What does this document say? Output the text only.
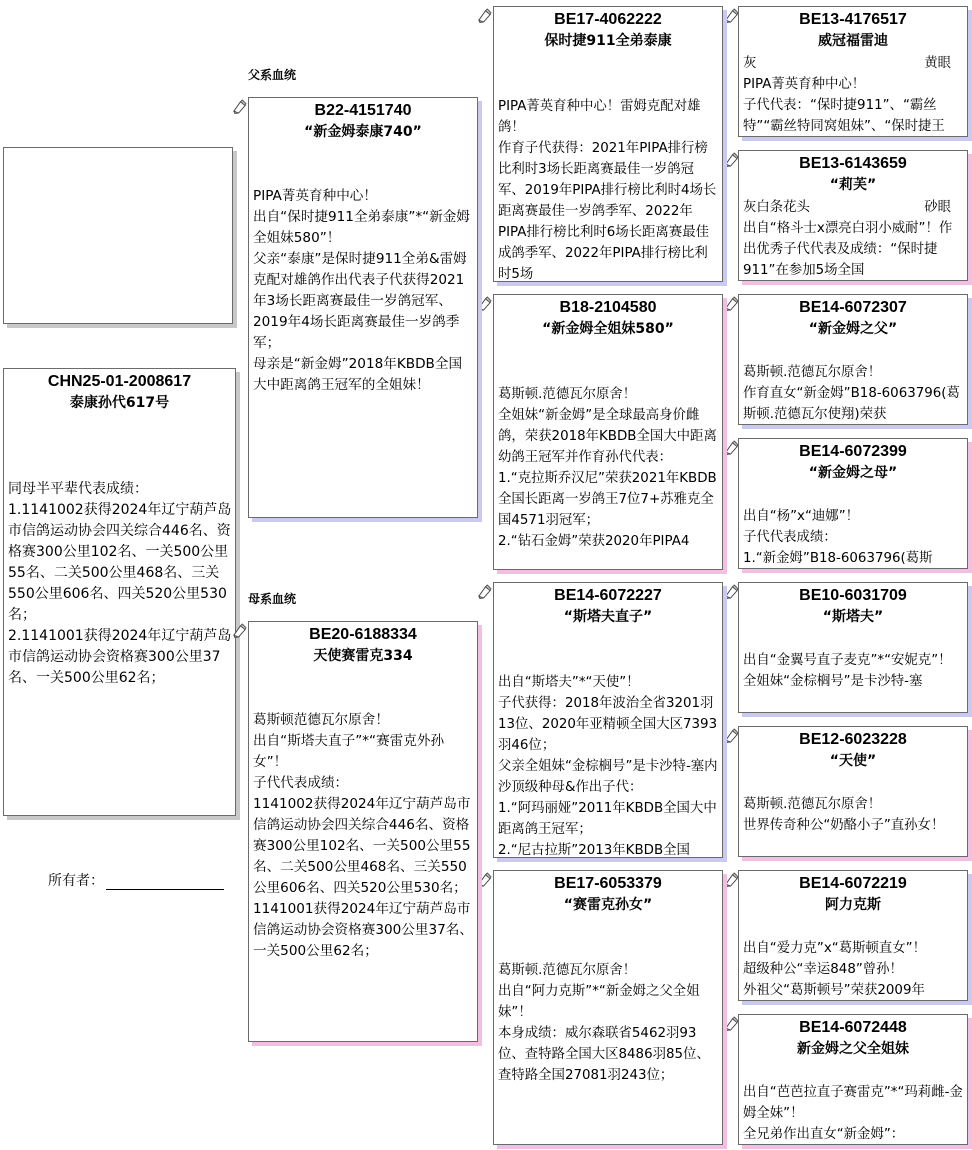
CHN25-01-2008617
泰康孙代617号
同母半平辈代表成绩：
1.1141002获得2024年辽宁葫芦岛市信鸽运动协会四关综合446名、资格赛300公里102名、一关500公里55名、二关500公里468名、三关550公里606名、四关520公里530名；
2.1141001获得2024年辽宁葫芦岛市信鸽运动协会资格赛300公里37名、一关500公里62名；
所有者：
父系血统
母系血统
B22-4151740
“新金姆泰康740”
PIPA菁英育种中心！
出自“保时捷911全弟泰康”*“新金姆全姐妹580”！
父亲“泰康”是保时捷911全弟&雷姆克配对雄鸽作出代表子代获得2021年3场长距离赛最佳一岁鸽冠军、2019年4场长距离赛最佳一岁鸽季军；
母亲是“新金姆”2018年KBDB全国大中距离鸽王冠军的全姐妹！
BE20-6188334
天使赛雷克334
葛斯顿范德瓦尔原舍！
出自“斯塔夫直子”*“赛雷克外孙女”！
子代代表成绩：
1141002获得2024年辽宁葫芦岛市信鸽运动协会四关综合446名、资格赛300公里102名、一关500公里55名、二关500公里468名、三关550公里606名、四关520公里530名；
1141001获得2024年辽宁葫芦岛市信鸽运动协会资格赛300公里37名、一关500公里62名；
BE17-4062222
保时捷911全弟泰康
PIPA菁英育种中心！雷姆克配对雄鸽！
作育子代获得：2021年PIPA排行榜比利时3场长距离赛最佳一岁鸽冠军、2019年PIPA排行榜比利时4场长距离赛最佳一岁鸽季军、2022年PIPA排行榜比利时6场长距离赛最佳成鸽季军、2022年PIPA排行榜比利时5场
B18-2104580
“新金姆全姐妹580”
葛斯顿.范德瓦尔原舍！
全姐妹“新金姆”是全球最高身价雌鸽，荣获2018年KBDB全国大中距离幼鸽王冠军并作育孙代代表：
1.“克拉斯乔汉尼”荣获2021年KBDB全国长距离一岁鸽王7位7+苏雅克全国4571羽冠军；
2.“钻石金姆”荣获2020年PIPA4
BE14-6072227
“斯塔夫直子”
出自“斯塔夫”*“天使”！
子代获得：2018年波治全省3201羽13位、2020年亚精顿全国大区7393羽46位；
父亲全姐妹“金棕榈号”是卡沙特-塞内沙顶级种母&作出子代：
1.“阿玛丽娅”2011年KBDB全国大中距离鸽王冠军；
2.“尼古拉斯”2013年KBDB全国
BE17-6053379
“赛雷克孙女”
葛斯顿.范德瓦尔原舍！
出自“阿力克斯”*“新金姆之父全姐妹”！
本身成绩：威尔森联省5462羽93位、查特路全国大区8486羽85位、查特路全国27081羽243位；
BE13-4176517
威冠福雷迪
灰	黄眼
PIPA菁英育种中心！
子代代表：“保时捷911”、“霸丝特”“霸丝特同窝姐妹”、“保时捷王
BE13-6143659
“莉芙”
灰白条花头	砂眼
出自“格斗士x漂亮白羽小威耐”！作出优秀子代代表及成绩：“保时捷911”在参加5场全国
BE14-6072307
“新金姆之父”
葛斯顿.范德瓦尔原舍！
作育直女“新金姆”B18-6063796(葛斯顿.范德瓦尔使翔)荣获
BE14-6072399
“新金姆之母”
出自“杨”x“迪娜”！
子代代表成绩：
1.“新金姆”B18-6063796(葛斯
BE10-6031709
“斯塔夫”
出自“金翼号直子麦克”*“安妮克”！
全姐妹“金棕榈号”是卡沙特-塞
BE12-6023228
“天使”
葛斯顿.范德瓦尔原舍！
世界传奇种公“奶酪小子”直孙女！
BE14-6072219
阿力克斯
出自“爱力克”x“葛斯顿直女”！
超级种公“幸运848”曾孙！
外祖父“葛斯顿号”荣获2009年
BE14-6072448
新金姆之父全姐妹
出自“芭芭拉直子赛雷克”*“玛莉雌-金姆全妹”！
全兄弟作出直女“新金姆”：
